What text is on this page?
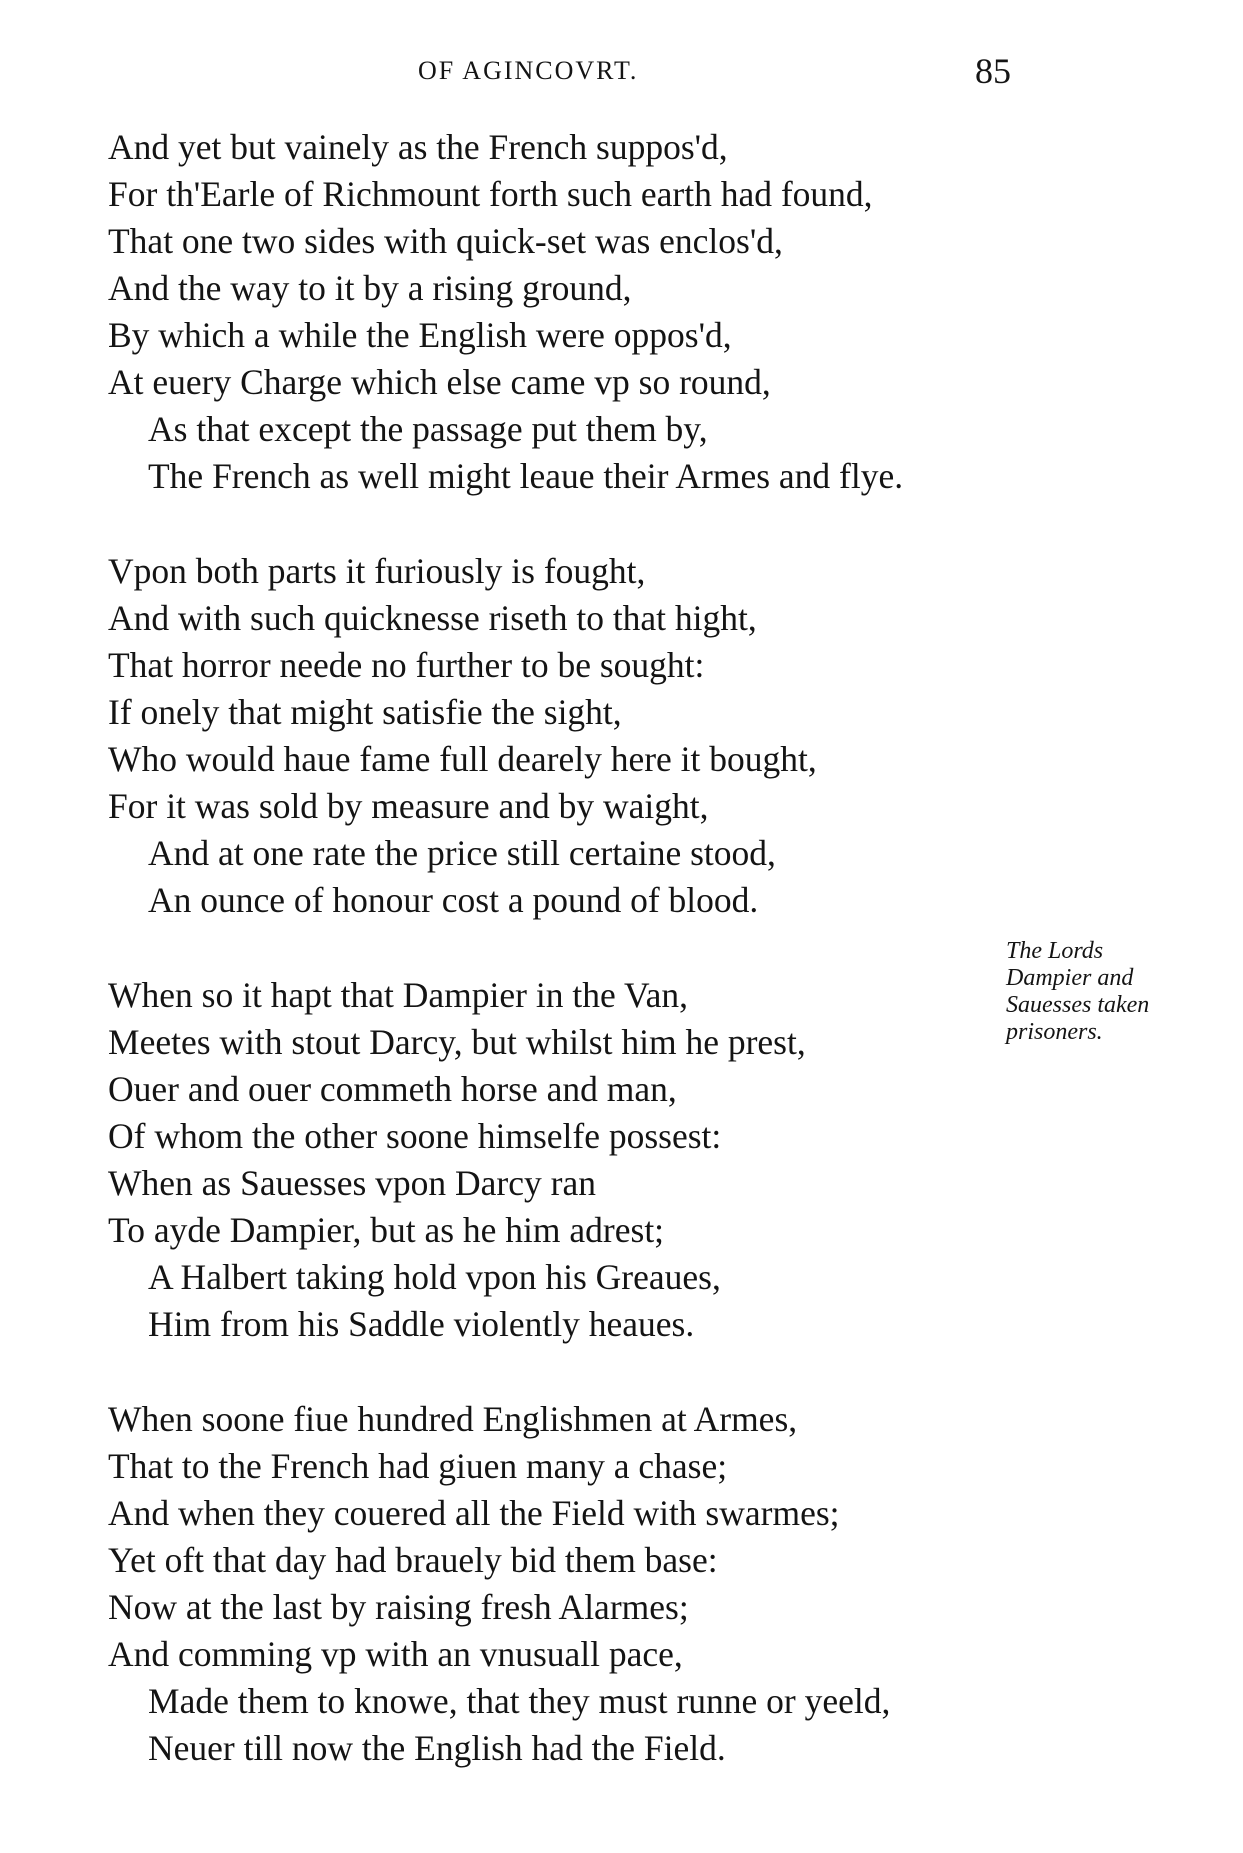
OF AGINCOVRT.	85
And yet but vainely as the French suppos'd,
For th'Earle of Richmount forth such earth had found,
That one two sides with quick-set was enclos'd,
And the way to it by a rising ground,
By which a while the English were oppos'd,
At euery Charge which else came vp so round,
As that except the passage put them by,
The French as well might leaue their Armes and flye.
Vpon both parts it furiously is fought,
And with such quicknesse riseth to that hight,
That horror neede no further to be sought:
If onely that might satisfie the sight,
Who would haue fame full dearely here it bought,
For it was sold by measure and by waight,
And at one rate the price still certaine stood,
An ounce of honour cost a pound of blood.
When so it hapt that Dampier in the Van,
Meetes with stout Darcy, but whilst him he prest,
Ouer and ouer commeth horse and man,
Of whom the other soone himselfe possest:
When as Sauesses vpon Darcy ran
To ayde Dampier, but as he him adrest;
A Halbert taking hold vpon his Greaues,
Him from his Saddle violently heaues.
When soone fiue hundred Englishmen at Armes,
That to the French had giuen many a chase;
And when they couered all the Field with swarmes;
Yet oft that day had brauely bid them base:
Now at the last by raising fresh Alarmes;
And comming vp with an vnusuall pace,
Made them to knowe, that they must runne or yeeld,
Neuer till now the English had the Field.
The Lords
Dampier and
Sauesses taken
prisoners.
